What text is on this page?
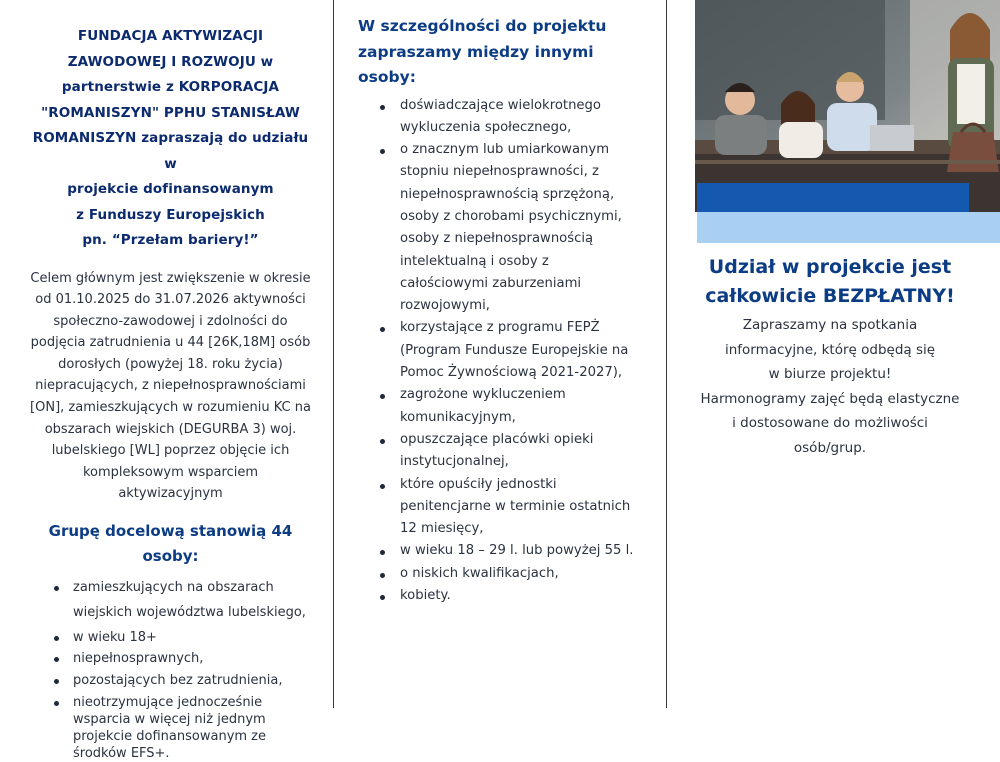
FUNDACJA AKTYWIZACJI
ZAWODOWEJ I ROZWOJU w
partnerstwie z KORPORACJA
"ROMANISZYN" PPHU STANISŁAW
ROMANISZYN zapraszają do udziału w
projekcie dofinansowanym
z Funduszy Europejskich
pn. “Przełam bariery!”
Celem głównym jest zwiększenie w okresie
od 01.10.2025 do 31.07.2026 aktywności
społeczno-zawodowej i zdolności do
podjęcia zatrudnienia u 44 [26K,18M] osób
dorosłych (powyżej 18. roku życia)
niepracujących, z niepełnosprawnościami
[ON], zamieszkujących w rozumieniu KC na
obszarach wiejskich (DEGURBA 3) woj.
lubelskiego [WL] poprzez objęcie ich
kompleksowym wsparciem aktywizacyjnym
Grupę docelową stanowią 44
osoby:
zamieszkujących na obszarach wiejskich województwa lubelskiego,
w wieku 18+
niepełnosprawnych,
pozostających bez zatrudnienia,
nieotrzymujące jednocześnie wsparcia w więcej niż jednym projekcie dofinansowanym ze środków EFS+.
W szczególności do projektu
zapraszamy między innymi
osoby:
doświadczające wielokrotnego wykluczenia społecznego,
o znacznym lub umiarkowanym stopniu niepełnosprawności, z niepełnosprawnością sprzężoną, osoby z chorobami psychicznymi, osoby z niepełnosprawnością intelektualną i osoby z całościowymi zaburzeniami rozwojowymi,
korzystające z programu FEPŻ (Program Fundusze Europejskie na Pomoc Żywnościową 2021-2027),
zagrożone wykluczeniem komunikacyjnym,
opuszczające placówki opieki instytucjonalnej,
które opuściły jednostki penitencjarne w terminie ostatnich 12 miesięcy,
w wieku 18 – 29 l. lub powyżej 55 l.
o niskich kwalifikacjach,
kobiety.
Udział w projekcie jest
całkowicie BEZPŁATNY!
Zapraszamy na spotkania
informacyjne, którę odbędą się
w biurze projektu!
Harmonogramy zajęć będą elastyczne
i dostosowane do możliwości
osób/grup.
